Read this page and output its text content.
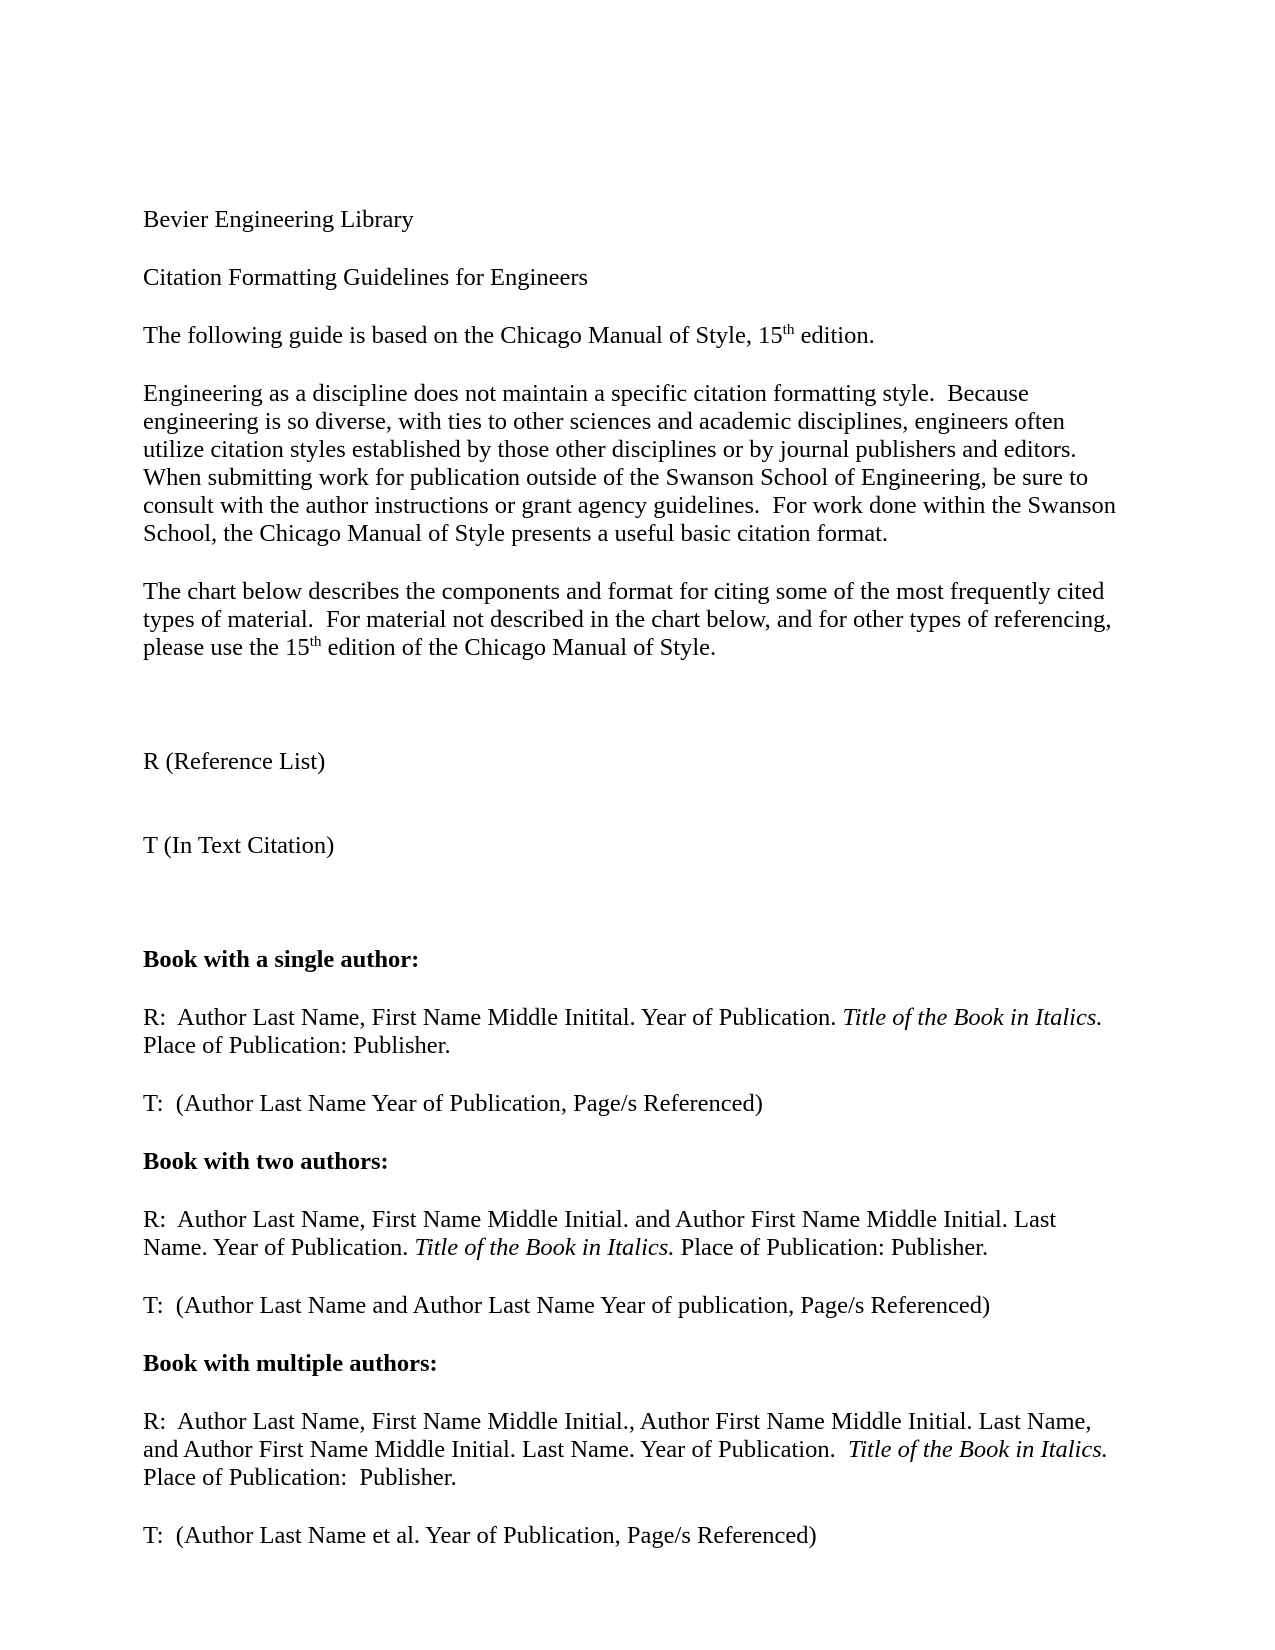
Bevier Engineering Library

Citation Formatting Guidelines for Engineers

The following guide is based on the Chicago Manual of Style, 15th edition.

Engineering as a discipline does not maintain a specific citation formatting style.  Because engineering is so diverse, with ties to other sciences and academic disciplines, engineers often utilize citation styles established by those other disciplines or by journal publishers and editors. When submitting work for publication outside of the Swanson School of Engineering, be sure to consult with the author instructions or grant agency guidelines.  For work done within the Swanson School, the Chicago Manual of Style presents a useful basic citation format.

The chart below describes the components and format for citing some of the most frequently cited types of material.  For material not described in the chart below, and for other types of referencing, please use the 15th edition of the Chicago Manual of Style.

R (Reference List)

T (In Text Citation)

Book with a single author:

R:  Author Last Name, First Name Middle Initital. Year of Publication. Title of the Book in Italics. Place of Publication: Publisher.

T:  (Author Last Name Year of Publication, Page/s Referenced)

Book with two authors:

R:  Author Last Name, First Name Middle Initial. and Author First Name Middle Initial. Last Name. Year of Publication. Title of the Book in Italics. Place of Publication: Publisher.

T:  (Author Last Name and Author Last Name Year of publication, Page/s Referenced)

Book with multiple authors:

R:  Author Last Name, First Name Middle Initial., Author First Name Middle Initial. Last Name, and Author First Name Middle Initial. Last Name. Year of Publication.  Title of the Book in Italics.  Place of Publication:  Publisher.

T:  (Author Last Name et al. Year of Publication, Page/s Referenced)
